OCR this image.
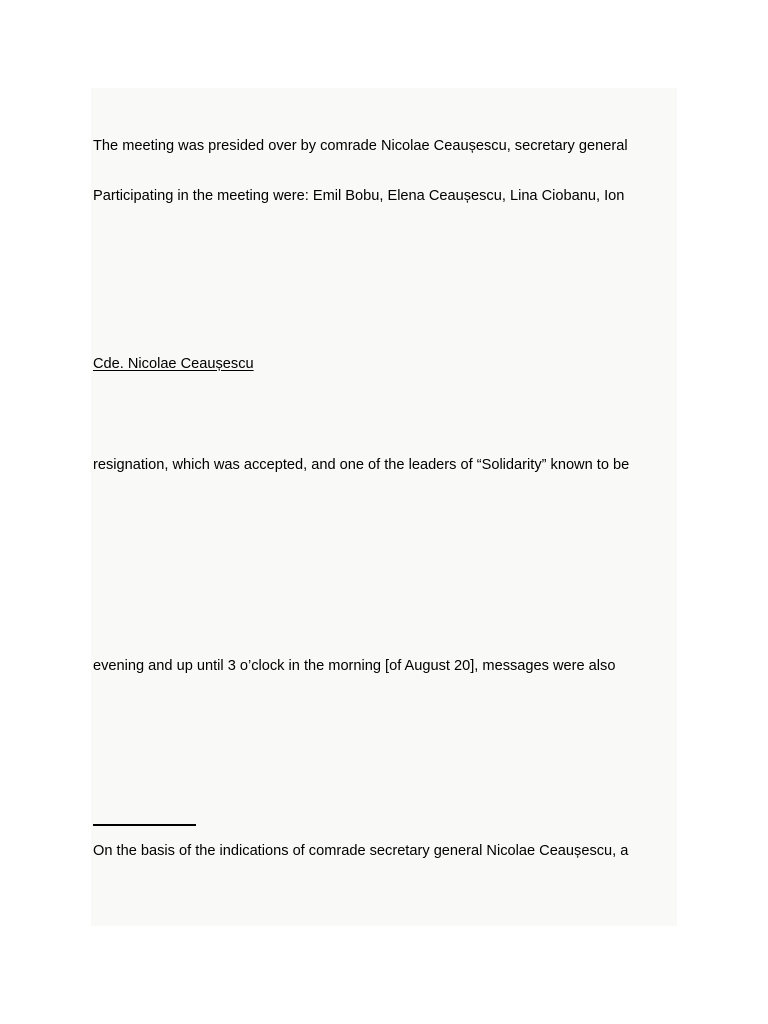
The meeting was presided over by comrade Nicolae Ceaușescu, secretary general

Participating in the meeting were: Emil Bobu, Elena Ceaușescu, Lina Ciobanu, Ion

Cde. Nicolae Ceaușescu

resignation, which was accepted, and one of the leaders of “Solidarity” known to be

evening and up until 3 o’clock in the morning [of August 20], messages were also

On the basis of the indications of comrade secretary general Nicolae Ceaușescu, a
